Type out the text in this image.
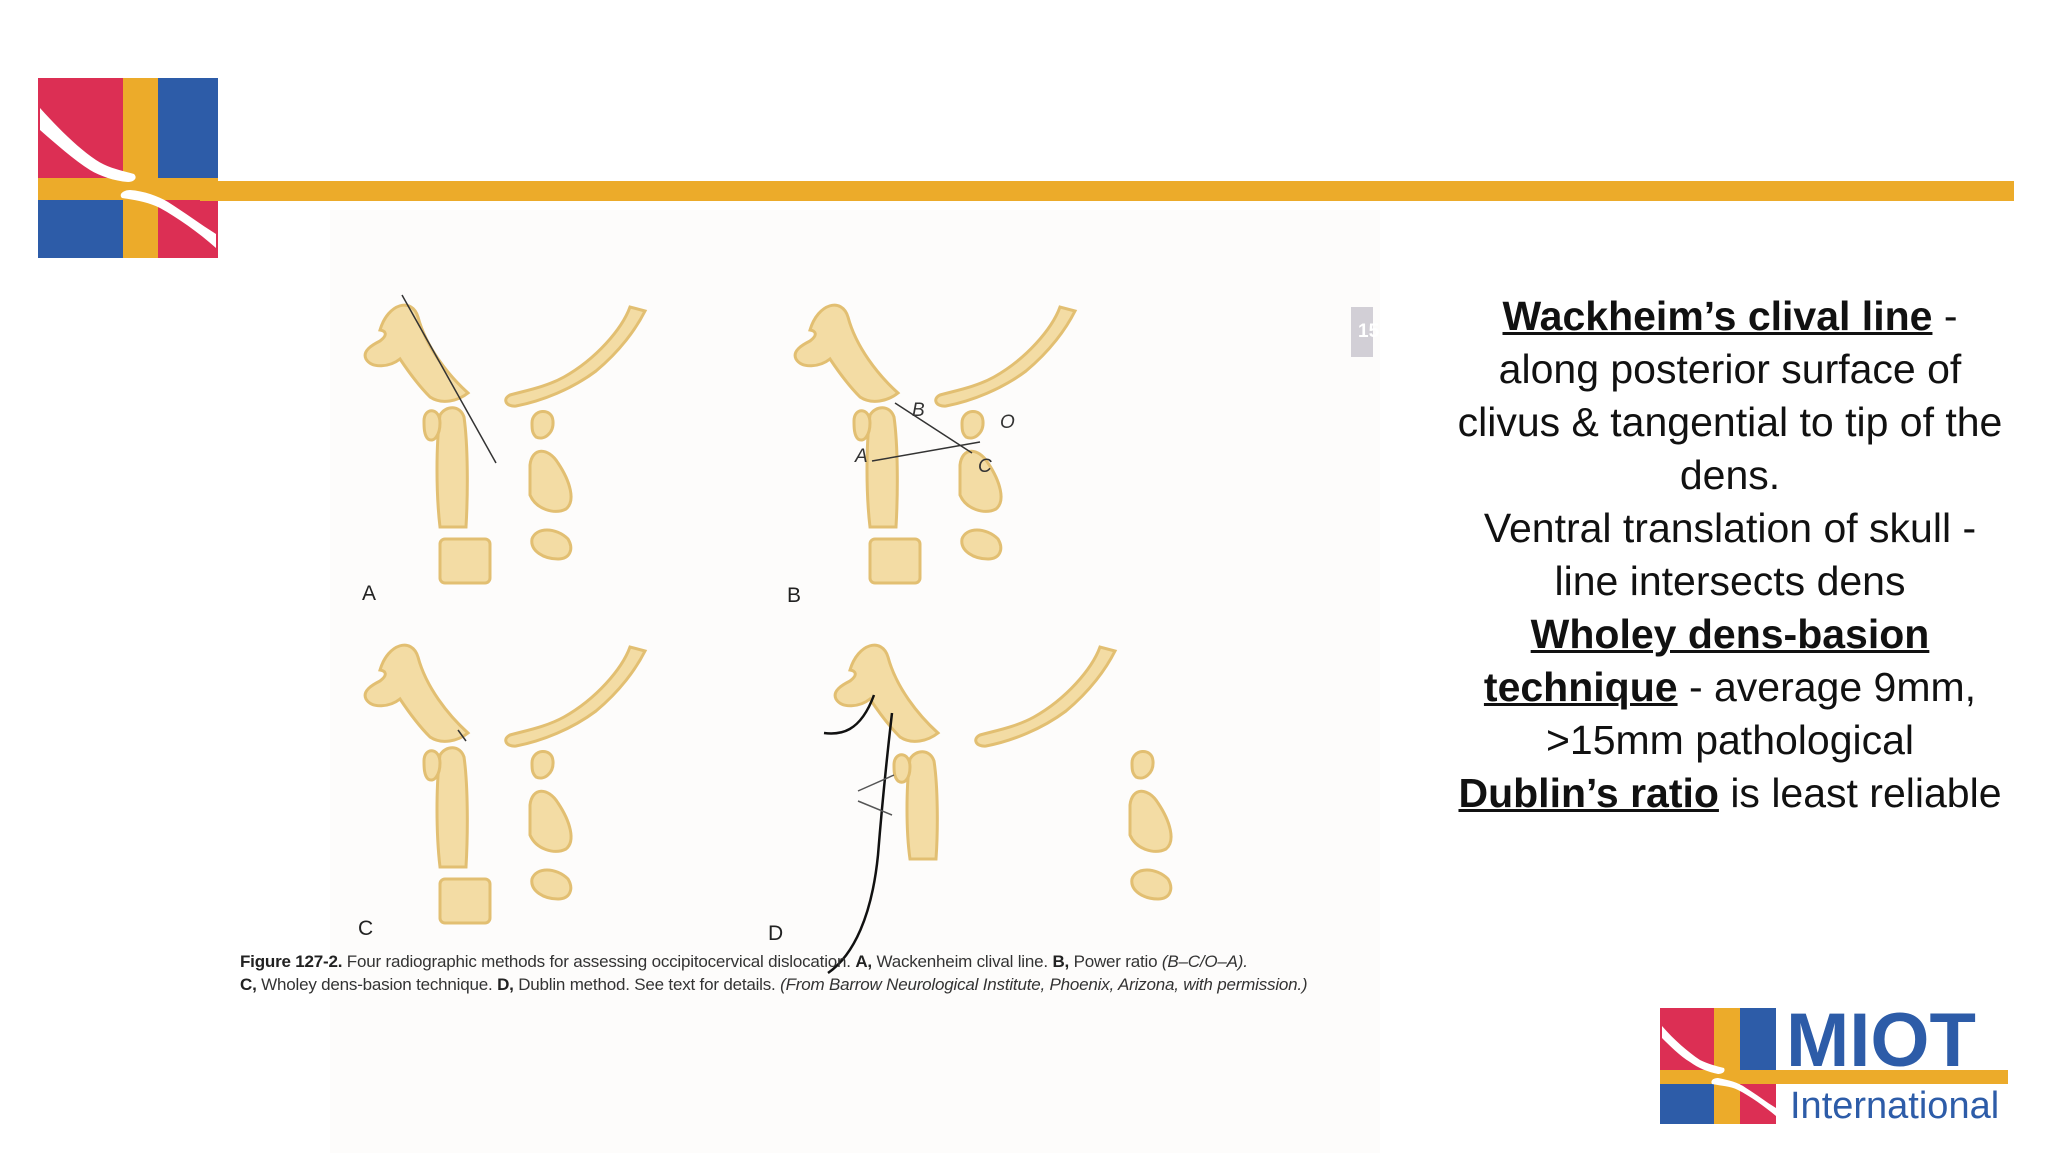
A	B
B
O
A	C
C	D
Figure 127-2. Four radiographic methods for assessing occipitocervical dislocation. A, Wackenheim clival line. B, Power ratio (B–C/O–A).
C, Wholey dens-basion technique. D, Dublin method. See text for details. (From Barrow Neurological Institute, Phoenix, Arizona, with permission.)
15	Wackheim’s clival line - along posterior surface of clivus & tangential to tip of the dens.
Ventral translation of skull - line intersects dens
Wholey dens-basion technique - average 9mm, >15mm pathological
Dublin’s ratio is least reliable
MIOT
International
